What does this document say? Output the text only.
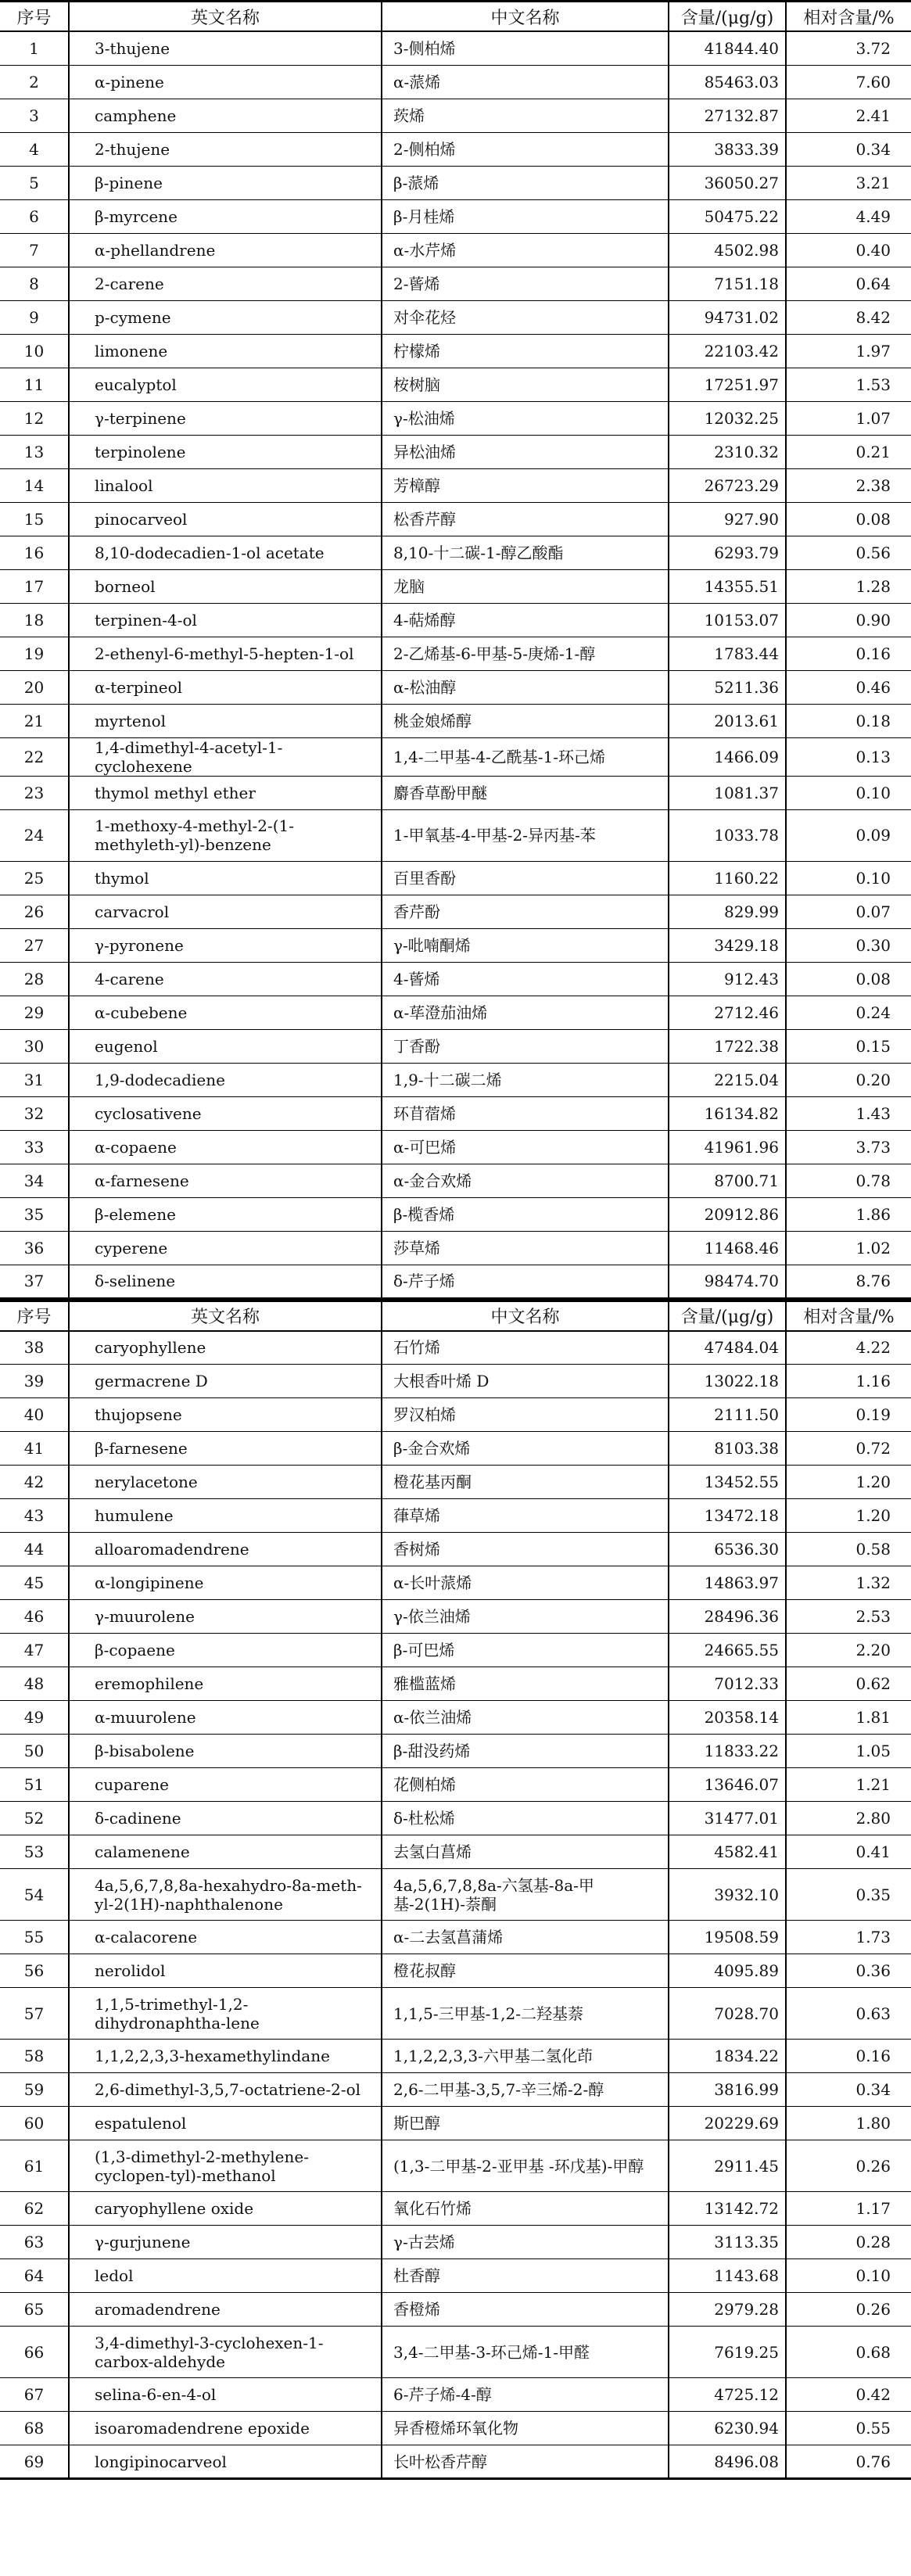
序号	英文名称	中文名称	含量/(μg/g)	相对含量/%
1	3-thujene	3-侧柏烯	41844.40	3.72
2	α-pinene	α-蒎烯	85463.03	7.60
3	camphene	莰烯	27132.87	2.41
4	2-thujene	2-侧柏烯	3833.39	0.34
5	β-pinene	β-蒎烯	36050.27	3.21
6	β-myrcene	β-月桂烯	50475.22	4.49
7	α-phellandrene	α-水芹烯	4502.98	0.40
8	2-carene	2-蒈烯	7151.18	0.64
9	p-cymene	对伞花烃	94731.02	8.42
10	limonene	柠檬烯	22103.42	1.97
11	eucalyptol	桉树脑	17251.97	1.53
12	γ-terpinene	γ-松油烯	12032.25	1.07
13	terpinolene	异松油烯	2310.32	0.21
14	linalool	芳樟醇	26723.29	2.38
15	pinocarveol	松香芹醇	927.90	0.08
16	8,10-dodecadien-1-ol acetate	8,10-十二碳-1-醇乙酸酯	6293.79	0.56
17	borneol	龙脑	14355.51	1.28
18	terpinen-4-ol	4-萜烯醇	10153.07	0.90
19	2-ethenyl-6-methyl-5-hepten-1-ol	2-乙烯基-6-甲基-5-庚烯-1-醇	1783.44	0.16
20	α-terpineol	α-松油醇	5211.36	0.46
21	myrtenol	桃金娘烯醇	2013.61	0.18
22	1,4-dimethyl-4-acetyl-1-cyclohexene	1,4-二甲基-4-乙酰基-1-环己烯	1466.09	0.13
23	thymol methyl ether	麝香草酚甲醚	1081.37	0.10
24	1-methoxy-4-methyl-2-(1-methyleth-yl)-benzene	1-甲氧基-4-甲基-2-异丙基-苯	1033.78	0.09
25	thymol	百里香酚	1160.22	0.10
26	carvacrol	香芹酚	829.99	0.07
27	γ-pyronene	γ-吡喃酮烯	3429.18	0.30
28	4-carene	4-蒈烯	912.43	0.08
29	α-cubebene	α-荜澄茄油烯	2712.46	0.24
30	eugenol	丁香酚	1722.38	0.15
31	1,9-dodecadiene	1,9-十二碳二烯	2215.04	0.20
32	cyclosativene	环苜蓿烯	16134.82	1.43
33	α-copaene	α-可巴烯	41961.96	3.73
34	α-farnesene	α-金合欢烯	8700.71	0.78
35	β-elemene	β-榄香烯	20912.86	1.86
36	cyperene	莎草烯	11468.46	1.02
37	δ-selinene	δ-芹子烯	98474.70	8.76
序号	英文名称	中文名称	含量/(μg/g)	相对含量/%
38	caryophyllene	石竹烯	47484.04	4.22
39	germacrene D	大根香叶烯 D	13022.18	1.16
40	thujopsene	罗汉柏烯	2111.50	0.19
41	β-farnesene	β-金合欢烯	8103.38	0.72
42	nerylacetone	橙花基丙酮	13452.55	1.20
43	humulene	葎草烯	13472.18	1.20
44	alloaromadendrene	香树烯	6536.30	0.58
45	α-longipinene	α-长叶蒎烯	14863.97	1.32
46	γ-muurolene	γ-依兰油烯	28496.36	2.53
47	β-copaene	β-可巴烯	24665.55	2.20
48	eremophilene	雅槛蓝烯	7012.33	0.62
49	α-muurolene	α-依兰油烯	20358.14	1.81
50	β-bisabolene	β-甜没药烯	11833.22	1.05
51	cuparene	花侧柏烯	13646.07	1.21
52	δ-cadinene	δ-杜松烯	31477.01	2.80
53	calamenene	去氢白菖烯	4582.41	0.41
54	4a,5,6,7,8,8a-hexahydro-8a-meth-yl-2(1H)-naphthalenone	4a,5,6,7,8,8a-六氢基-8a-甲基-2(1H)-萘酮	3932.10	0.35
55	α-calacorene	α-二去氢菖蒲烯	19508.59	1.73
56	nerolidol	橙花叔醇	4095.89	0.36
57	1,1,5-trimethyl-1,2-dihydronaphtha-lene	1,1,5-三甲基-1,2-二羟基萘	7028.70	0.63
58	1,1,2,2,3,3-hexamethylindane	1,1,2,2,3,3-六甲基二氢化茚	1834.22	0.16
59	2,6-dimethyl-3,5,7-octatriene-2-ol	2,6-二甲基-3,5,7-辛三烯-2-醇	3816.99	0.34
60	espatulenol	斯巴醇	20229.69	1.80
61	(1,3-dimethyl-2-methylene-cyclopen-tyl)-methanol	(1,3-二甲基-2-亚甲基 -环戊基)-甲醇	2911.45	0.26
62	caryophyllene oxide	氧化石竹烯	13142.72	1.17
63	γ-gurjunene	γ-古芸烯	3113.35	0.28
64	ledol	杜香醇	1143.68	0.10
65	aromadendrene	香橙烯	2979.28	0.26
66	3,4-dimethyl-3-cyclohexen-1-carbox-aldehyde	3,4-二甲基-3-环己烯-1-甲醛	7619.25	0.68
67	selina-6-en-4-ol	6-芹子烯-4-醇	4725.12	0.42
68	isoaromadendrene epoxide	异香橙烯环氧化物	6230.94	0.55
69	longipinocarveol	长叶松香芹醇	8496.08	0.76
